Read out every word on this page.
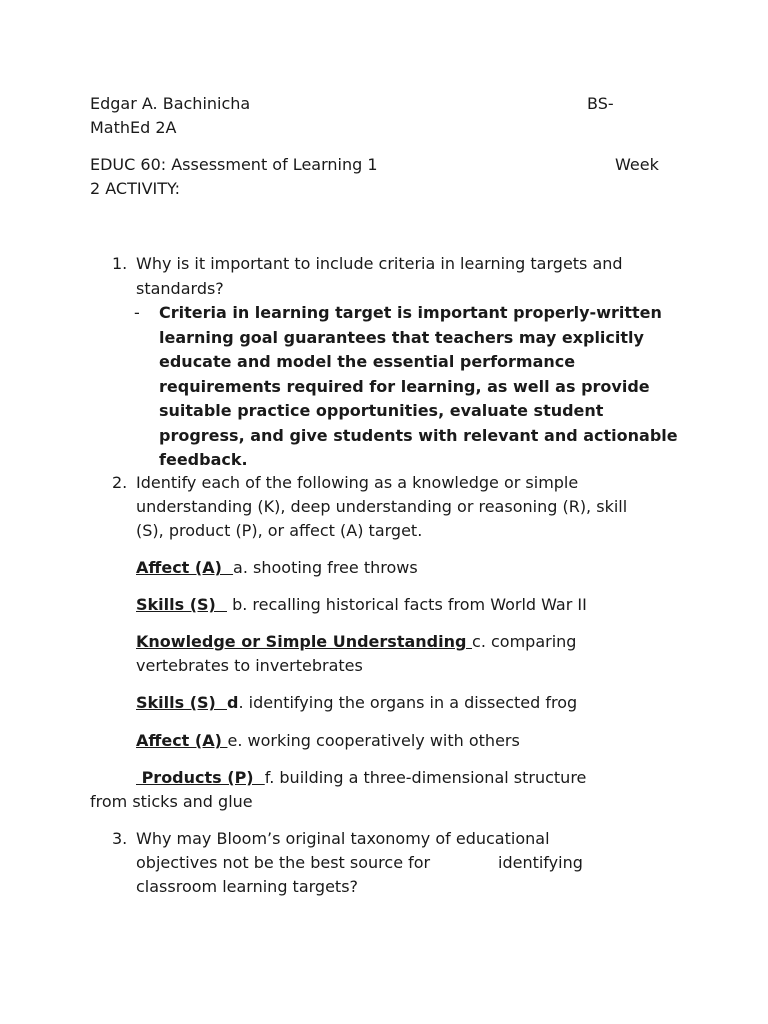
Edgar A. Bachinicha	BS-
MathEd 2A
EDUC 60: Assessment of Learning 1	Week
2 ACTIVITY:
1. Why is it important to include criteria in learning targets and
standards?
- Criteria in learning target is important properly-written learning goal guarantees that teachers may explicitly educate and model the essential performance requirements required for learning, as well as provide suitable practice opportunities, evaluate student progress, and give students with relevant and actionable feedback.
2. Identify each of the following as a knowledge or simple
understanding (K), deep understanding or reasoning (R), skill
(S), product (P), or affect (A) target.
Affect (A)  a. shooting free throws
Skills (S)   b. recalling historical facts from World War II
Knowledge or Simple Understanding c. comparing
vertebrates to invertebrates
Skills (S)  d. identifying the organs in a dissected frog
Affect (A) e. working cooperatively with others
Products (P)  f. building a three-dimensional structure
from sticks and glue
3. Why may Bloom’s original taxonomy of educational
objectives not be the best source for	identifying
classroom learning targets?
